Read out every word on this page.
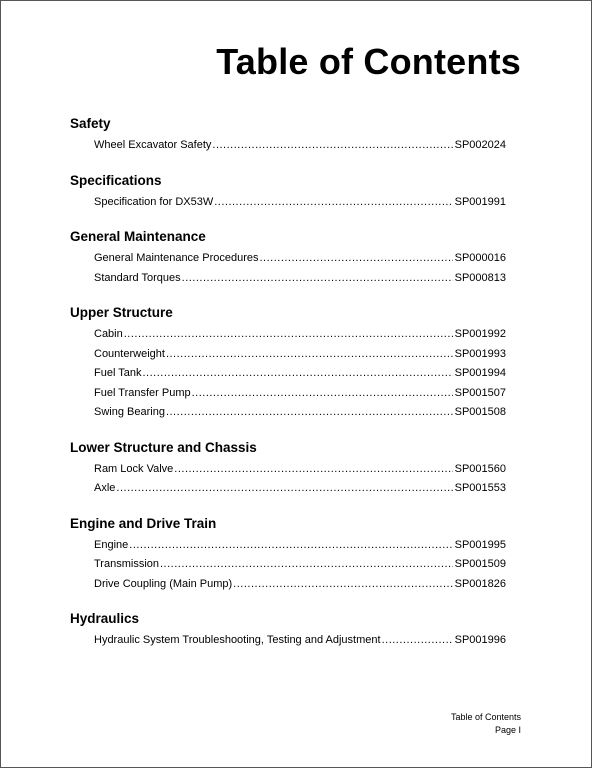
Table of Contents
Safety
Wheel Excavator Safety .....	SP002024
Specifications
Specification for DX53W .....	SP001991
General Maintenance
General Maintenance Procedures .....	SP000016
Standard Torques .....	SP000813
Upper Structure
Cabin .....	SP001992
Counterweight .....	SP001993
Fuel Tank .....	SP001994
Fuel Transfer Pump .....	SP001507
Swing Bearing .....	SP001508
Lower Structure and Chassis
Ram Lock Valve .....	SP001560
Axle .....	SP001553
Engine and Drive Train
Engine .....	SP001995
Transmission .....	SP001509
Drive Coupling (Main Pump) .....	SP001826
Hydraulics
Hydraulic System Troubleshooting, Testing and Adjustment .....	SP001996
Table of Contents
Page I
